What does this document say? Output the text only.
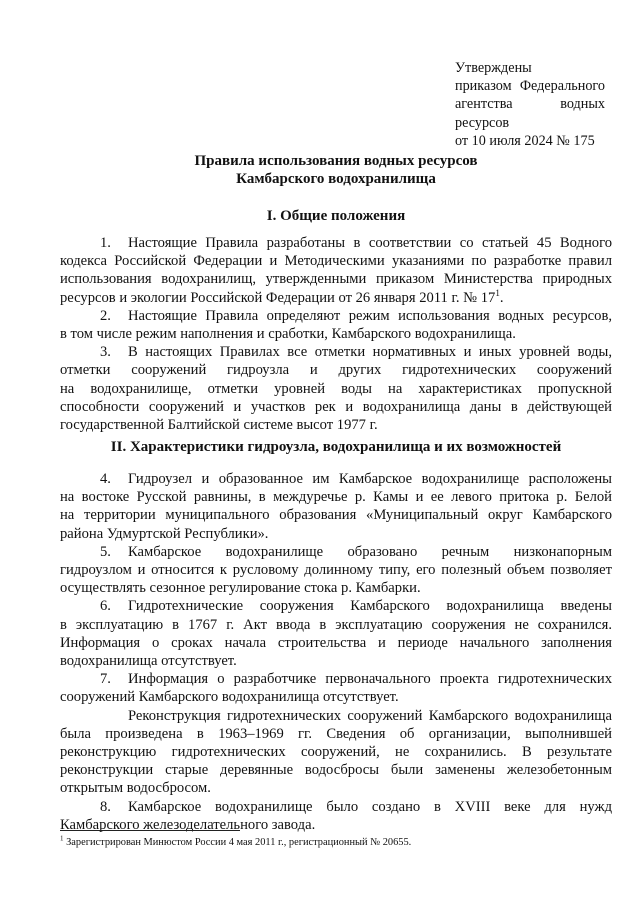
Утверждены
приказом Федерального
агентства водных ресурсов
от 10 июля 2024 № 175
Правила использования водных ресурсов
Камбарского водохранилища
I. Общие положения
1. Настоящие Правила разработаны в соответствии со статьей 45 Водного
кодекса Российской Федерации и Методическими указаниями по разработке правил
использования водохранилищ, утвержденными приказом Министерства природных
ресурсов и экологии Российской Федерации от 26 января 2011 г. № $17^1$.
2. Настоящие Правила определяют режим использования водных ресурсов,
в том числе режим наполнения и сработки, Камбарского водохранилища.
3. В настоящих Правилах все отметки нормативных и иных уровней воды,
отметки сооружений гидроузла и других гидротехнических сооружений
на водохранилище, отметки уровней воды на характеристиках пропускной
способности сооружений и участков рек и водохранилища даны в действующей
государственной Балтийской системе высот 1977 г.
II. Характеристики гидроузла, водохранилища и их возможностей
4. Гидроузел и образованное им Камбарское водохранилище расположены
на востоке Русской равнины, в междуречье р. Камы и ее левого притока р. Белой
на территории муниципального образования «Муниципальный округ Камбарского
района Удмуртской Республики».
5. Камбарское водохранилище образовано речным низконапорным
гидроузлом и относится к русловому долинному типу, его полезный объем позволяет
осуществлять сезонное регулирование стока р. Камбарки.
6. Гидротехнические сооружения Камбарского водохранилища введены
в эксплуатацию в 1767 г. Акт ввода в эксплуатацию сооружения не сохранился.
Информация о сроках начала строительства и периоде начального заполнения
водохранилища отсутствует.
7. Информация о разработчике первоначального проекта гидротехнических
сооружений Камбарского водохранилища отсутствует.
Реконструкция гидротехнических сооружений Камбарского водохранилища
была произведена в 1963–1969 гг. Сведения об организации, выполнившей
реконструкцию гидротехнических сооружений, не сохранились. В результате
реконструкции старые деревянные водосбросы были заменены железобетонным
открытым водосбросом.
8. Камбарское водохранилище было создано в XVIII веке для нужд
Камбарского железоделательного завода.
$^1$ Зарегистрирован Минюстом России 4 мая 2011 г., регистрационный № 20655.
